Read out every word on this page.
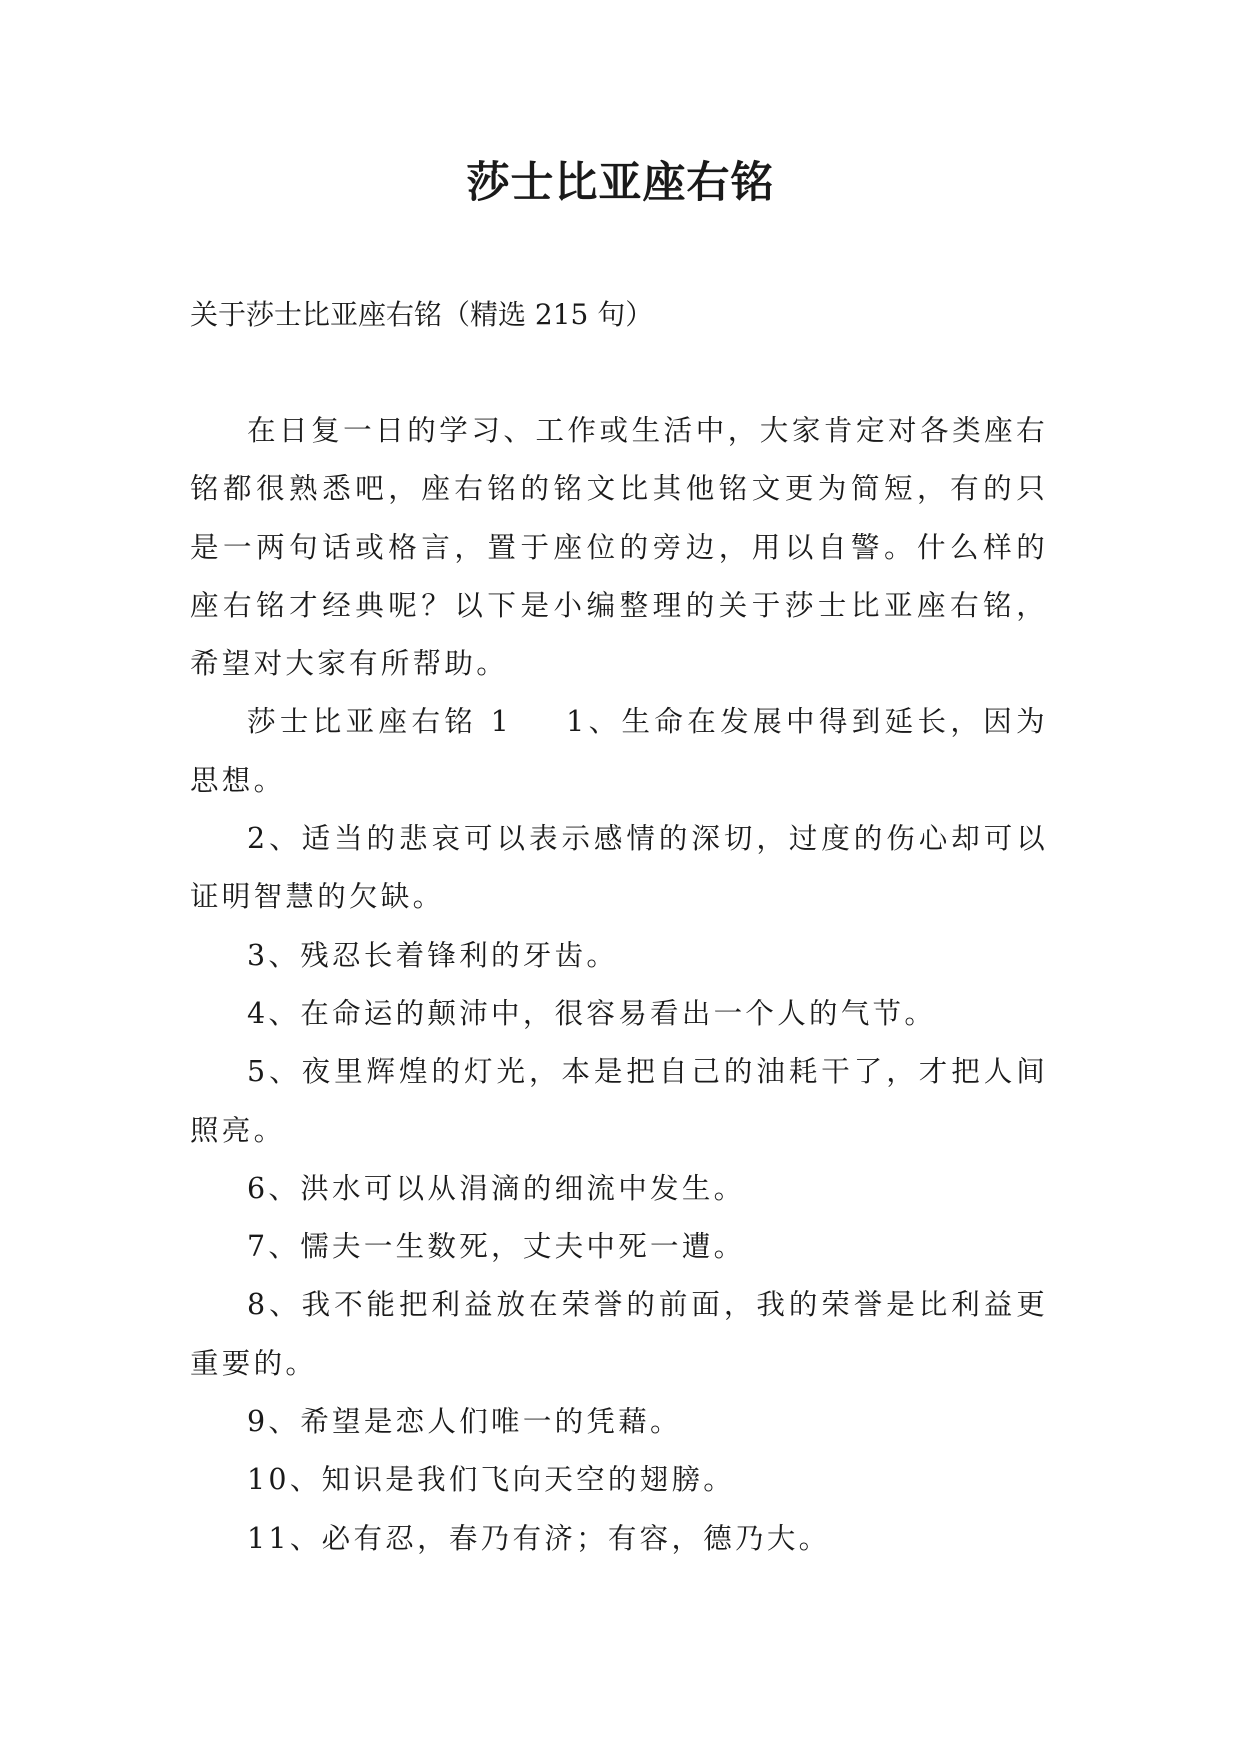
莎士比亚座右铭

关于莎士比亚座右铭（精选 215 句）

在日复一日的学习、工作或生活中，大家肯定对各类座右铭都很熟悉吧，座右铭的铭文比其他铭文更为简短，有的只是一两句话或格言，置于座位的旁边，用以自警。什么样的座右铭才经典呢？以下是小编整理的关于莎士比亚座右铭，希望对大家有所帮助。

莎士比亚座右铭 1 1、生命在发展中得到延长，因为思想。

2、适当的悲哀可以表示感情的深切，过度的伤心却可以证明智慧的欠缺。

3、残忍长着锋利的牙齿。

4、在命运的颠沛中，很容易看出一个人的气节。

5、夜里辉煌的灯光，本是把自己的油耗干了，才把人间照亮。

6、洪水可以从涓滴的细流中发生。

7、懦夫一生数死，丈夫中死一遭。

8、我不能把利益放在荣誉的前面，我的荣誉是比利益更重要的。

9、希望是恋人们唯一的凭藉。

10、知识是我们飞向天空的翅膀。

11、必有忍，春乃有济；有容，德乃大。
